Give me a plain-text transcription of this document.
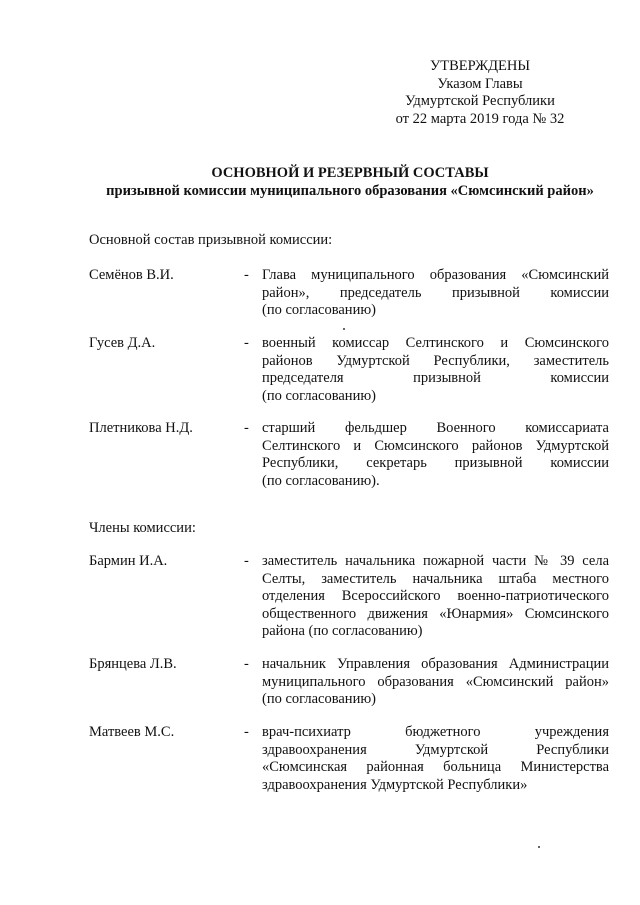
УТВЕРЖДЕНЫ
Указом Главы
Удмуртской Республики
от 22 марта 2019 года № 32
ОСНОВНОЙ И РЕЗЕРВНЫЙ СОСТАВЫ
призывной комиссии муниципального образования «Сюмсинский район»
Основной состав призывной комиссии:
Семёнов В.И.	- Глава муниципального образования «Сюмсинский
район», председатель призывной комиссии
(по согласованию)
Гусев Д.А.	- военный комиссар Селтинского и Сюмсинского
районов Удмуртской Республики, заместитель
председателя призывной комиссии
(по согласованию)
Плетникова Н.Д.	- старший фельдшер Военного комиссариата
Селтинского и Сюмсинского районов Удмуртской
Республики, секретарь призывной комиссии
(по согласованию).
Члены комиссии:
Бармин И.А.	- заместитель начальника пожарной части № 39 села
Селты, заместитель начальника штаба местного
отделения Всероссийского военно-патриотического
общественного движения «Юнармия» Сюмсинского
района (по согласованию)
Брянцева Л.В.	- начальник Управления образования Администрации
муниципального образования «Сюмсинский район»
(по согласованию)
Матвеев М.С.	- врач-психиатр бюджетного учреждения
здравоохранения Удмуртской Республики
«Сюмсинская районная больница Министерства
здравоохранения Удмуртской Республики»
